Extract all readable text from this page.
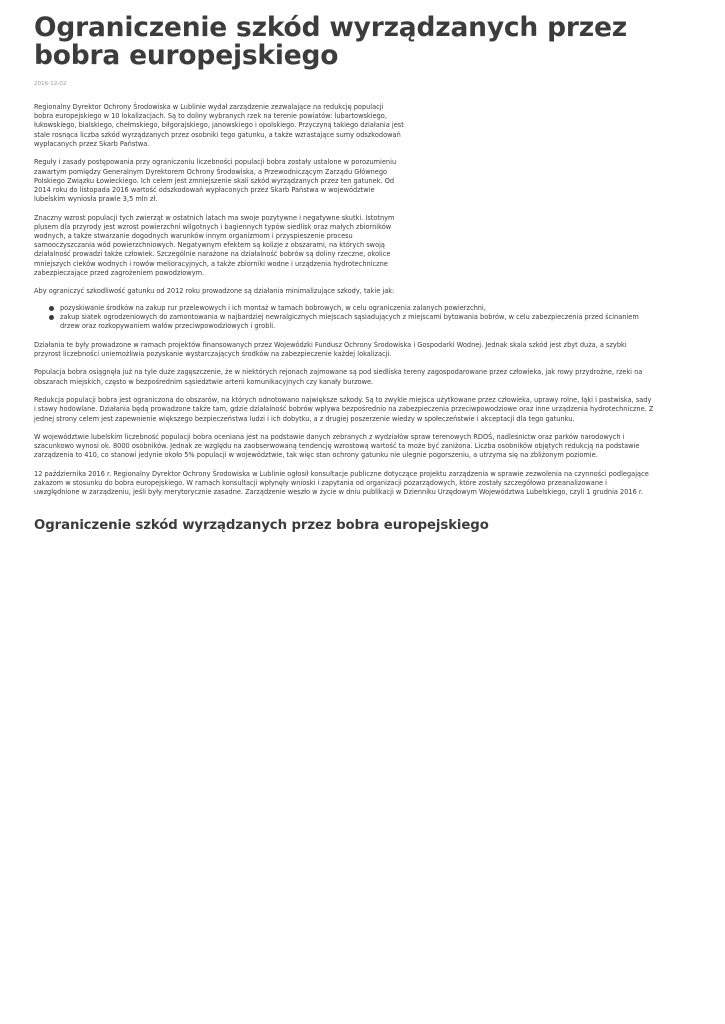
Ograniczenie szkód wyrządzanych przez bobra europejskiego
2016-12-02

Regionalny Dyrektor Ochrony Środowiska w Lublinie wydał zarządzenie zezwalające na redukcję populacji bobra europejskiego w 10 lokalizacjach. Są to doliny wybranych rzek na terenie powiatów: lubartowskiego, łukowskiego, bialskiego, chełmskiego, biłgorajskiego, janowskiego i opolskiego. Przyczyną takiego działania jest stale rosnąca liczba szkód wyrządzanych przez osobniki tego gatunku, a także wzrastające sumy odszkodowań wypłacanych przez Skarb Państwa.

Reguły i zasady postępowania przy ograniczaniu liczebności populacji bobra zostały ustalone w porozumieniu zawartym pomiędzy Generalnym Dyrektorem Ochrony Środowiska, a Przewodniczącym Zarządu Głównego Polskiego Związku Łowieckiego. Ich celem jest zmniejszenie skali szkód wyrządzanych przez ten gatunek. Od 2014 roku do listopada 2016 wartość odszkodowań wypłaconych przez Skarb Państwa w województwie lubelskim wyniosła prawie 3,5 mln zł.

Znaczny wzrost populacji tych zwierząt w ostatnich latach ma swoje pozytywne i negatywne skutki. Istotnym plusem dla przyrody jest wzrost powierzchni wilgotnych i bagiennych typów siedlisk oraz małych zbiorników wodnych, a także stwarzanie dogodnych warunków innym organizmom i przyspieszenie procesu samooczyszczania wód powierzchniowych. Negatywnym efektem są kolizje z obszarami, na których swoją działalność prowadzi także człowiek. Szczególnie narażone na działalność bobrów są doliny rzeczne, okolice mniejszych cieków wodnych i rowów melioracyjnych, a także zbiorniki wodne i urządzenia hydrotechniczne zabezpieczające przed zagrożeniem powodziowym.

Aby ograniczyć szkodliwość gatunku od 2012 roku prowadzone są działania minimalizujące szkody, takie jak:

pozyskiwanie środków na zakup rur przelewowych i ich montaż w tamach bobrowych, w celu ograniczenia zalanych powierzchni,
zakup siatek ogrodzeniowych do zamontowania w najbardziej newralgicznych miejscach sąsiadujących z miejscami bytowania bobrów, w celu zabezpieczenia przed ścinaniem drzew oraz rozkopywaniem wałów przeciwpowodziowych i grobli.

Działania te były prowadzone w ramach projektów finansowanych przez Wojewódzki Fundusz Ochrony Środowiska i Gospodarki Wodnej. Jednak skala szkód jest zbyt duża, a szybki przyrost liczebności uniemożliwia pozyskanie wystarczających środków na zabezpieczenie każdej lokalizacji.

Populacja bobra osiągnęła już na tyle duże zagęszczenie, że w niektórych rejonach zajmowane są pod siedliska tereny zagospodarowane przez człowieka, jak rowy przydrożne, rzeki na obszarach miejskich, często w bezpośrednim sąsiedztwie arterii komunikacyjnych czy kanały burzowe.

Redukcja populacji bobra jest ograniczona do obszarów, na których odnotowano największe szkody. Są to zwykle miejsca użytkowane przez człowieka, uprawy rolne, łąki i pastwiska, sady i stawy hodowlane. Działania będą prowadzone także tam, gdzie działalność bobrów wpływa bezpośrednio na zabezpieczenia przeciwpowodziowe oraz inne urządzenia hydrotechniczne. Z jednej strony celem jest zapewnienie większego bezpieczeństwa ludzi i ich dobytku, a z drugiej poszerzenie wiedzy w społeczeństwie i akceptacji dla tego gatunku.

W województwie lubelskim liczebność populacji bobra oceniana jest na podstawie danych zebranych z wydziałów spraw terenowych RDOŚ, nadleśnictw oraz parków narodowych i szacunkowo wynosi ok. 8000 osobników. Jednak ze względu na zaobserwowaną tendencję wzrostową wartość ta może być zaniżona. Liczba osobników objętych redukcją na podstawie zarządzenia to 410, co stanowi jedynie około 5% populacji w województwie, tak więc stan ochrony gatunku nie ulegnie pogorszeniu, a utrzyma się na zbliżonym poziomie.

12 października 2016 r. Regionalny Dyrektor Ochrony Środowiska w Lublinie ogłosił konsultacje publiczne dotyczące projektu zarządzenia w sprawie zezwolenia na czynności podlegające zakazom w stosunku do bobra europejskiego. W ramach konsultacji wpłynęły wnioski i zapytania od organizacji pozarządowych, które zostały szczegółowo przeanalizowane i uwzględnione w zarządzeniu, jeśli były merytorycznie zasadne. Zarządzenie weszło w życie w dniu publikacji w Dzienniku Urzędowym Województwa Lubelskiego, czyli 1 grudnia 2016 r.

Ograniczenie szkód wyrządzanych przez bobra europejskiego
